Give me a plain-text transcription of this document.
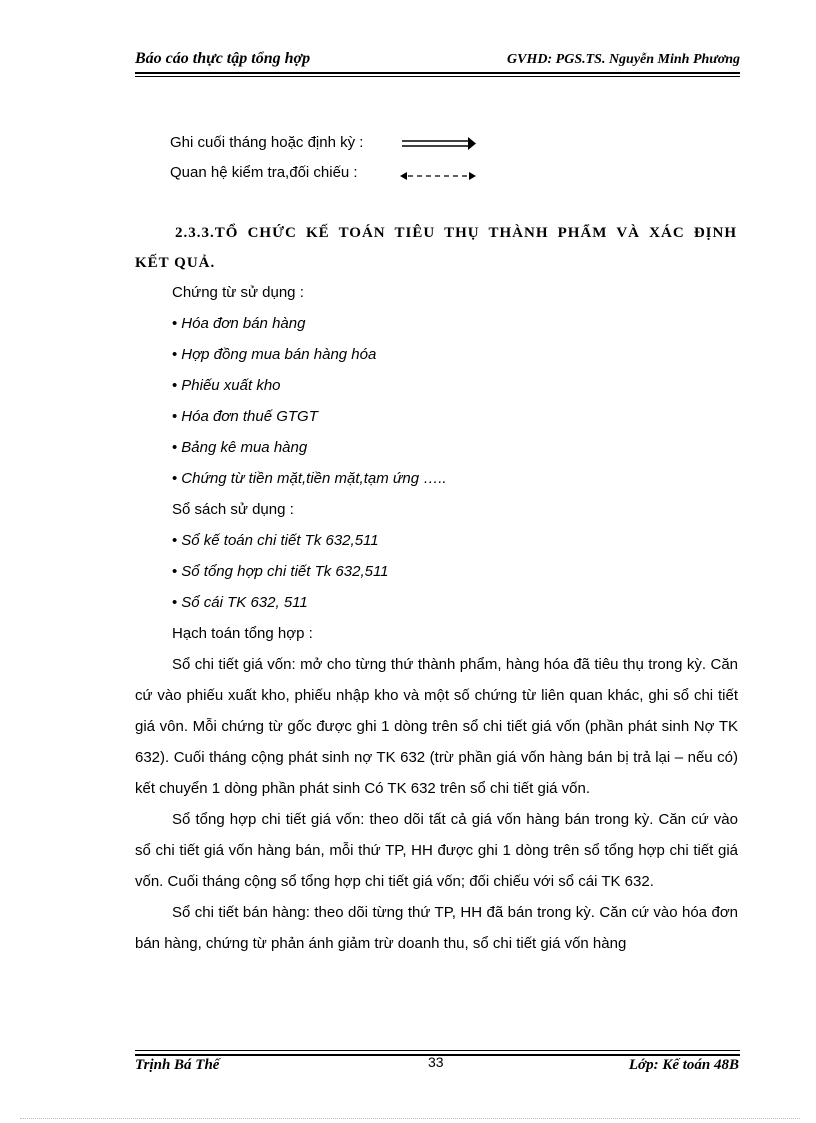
Báo cáo thực tập tổng hợp	GVHD: PGS.TS. Nguyễn Minh Phương
Ghi cuối tháng hoặc định kỳ :
Quan hệ kiểm tra,đối chiếu :
2.3.3.TỔ CHỨC KẾ TOÁN TIÊU THỤ THÀNH PHẨM VÀ XÁC ĐỊNH
KẾT QUẢ.
Chứng từ sử dụng :
• Hóa đơn bán hàng
• Hợp đồng mua bán hàng hóa
• Phiếu xuất kho
• Hóa đơn thuế GTGT
• Bảng kê mua hàng
• Chứng từ tiền mặt,tiền mặt,tạm ứng …..
Sổ sách sử dụng :
• Sổ kế toán chi tiết Tk 632,511
• Sổ tổng hợp chi tiết Tk 632,511
• Sổ cái TK 632, 511
Hạch toán tổng hợp :

Sổ chi tiết giá vốn: mở cho từng thứ thành phẩm, hàng hóa đã tiêu thụ trong kỳ. Căn cứ vào phiếu xuất kho, phiếu nhập kho và một số chứng từ liên quan khác, ghi sổ chi tiết giá vôn. Mỗi chứng từ gốc được ghi 1 dòng trên sổ chi tiết giá vốn (phần phát sinh Nợ TK 632). Cuối tháng cộng phát sinh nợ TK 632 (trừ phần giá vốn hàng bán bị trả lại – nếu có) kết chuyển 1 dòng phần phát sinh Có TK 632 trên sổ chi tiết giá vốn.

Sổ tổng hợp chi tiết giá vốn: theo dõi tất cả giá vốn hàng bán trong kỳ. Căn cứ vào sổ chi tiết giá vốn hàng bán, mỗi thứ TP, HH được ghi 1 dòng trên sổ tổng hợp chi tiết giá vốn. Cuối tháng cộng sổ tổng hợp chi tiết giá vốn; đối chiếu với sổ cái TK 632.

Sổ chi tiết bán hàng: theo dõi từng thứ TP, HH đã bán trong kỳ. Căn cứ vào hóa đơn bán hàng, chứng từ phản ánh giảm trừ doanh thu, sổ chi tiết giá vốn hàng

Trịnh Bá Thế	33	Lớp: Kế toán 48B
